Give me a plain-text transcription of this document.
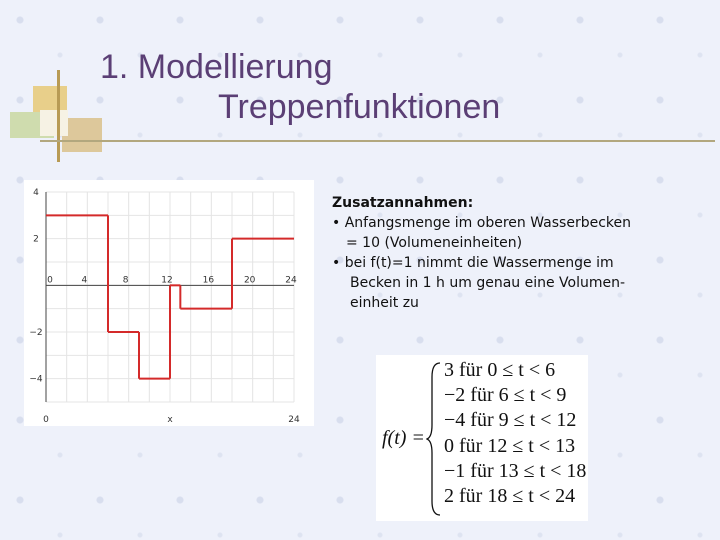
1. Modellierung
Treppenfunktionen
0	4	8	12	16	20	24
4
2
−2
−4
0	24
x
Zusatzannahmen:
• Anfangsmenge im oberen Wasserbecken
= 10 (Volumeneinheiten)
• bei f(t)=1 nimmt die Wassermenge im
Becken in 1 h um genau eine Volumen-
einheit zu
f(t) =
3 für 0 ≤ t < 6
−2 für 6 ≤ t < 9
−4 für 9 ≤ t < 12
0 für 12 ≤ t < 13
−1 für 13 ≤ t < 18
2 für 18 ≤ t < 24
